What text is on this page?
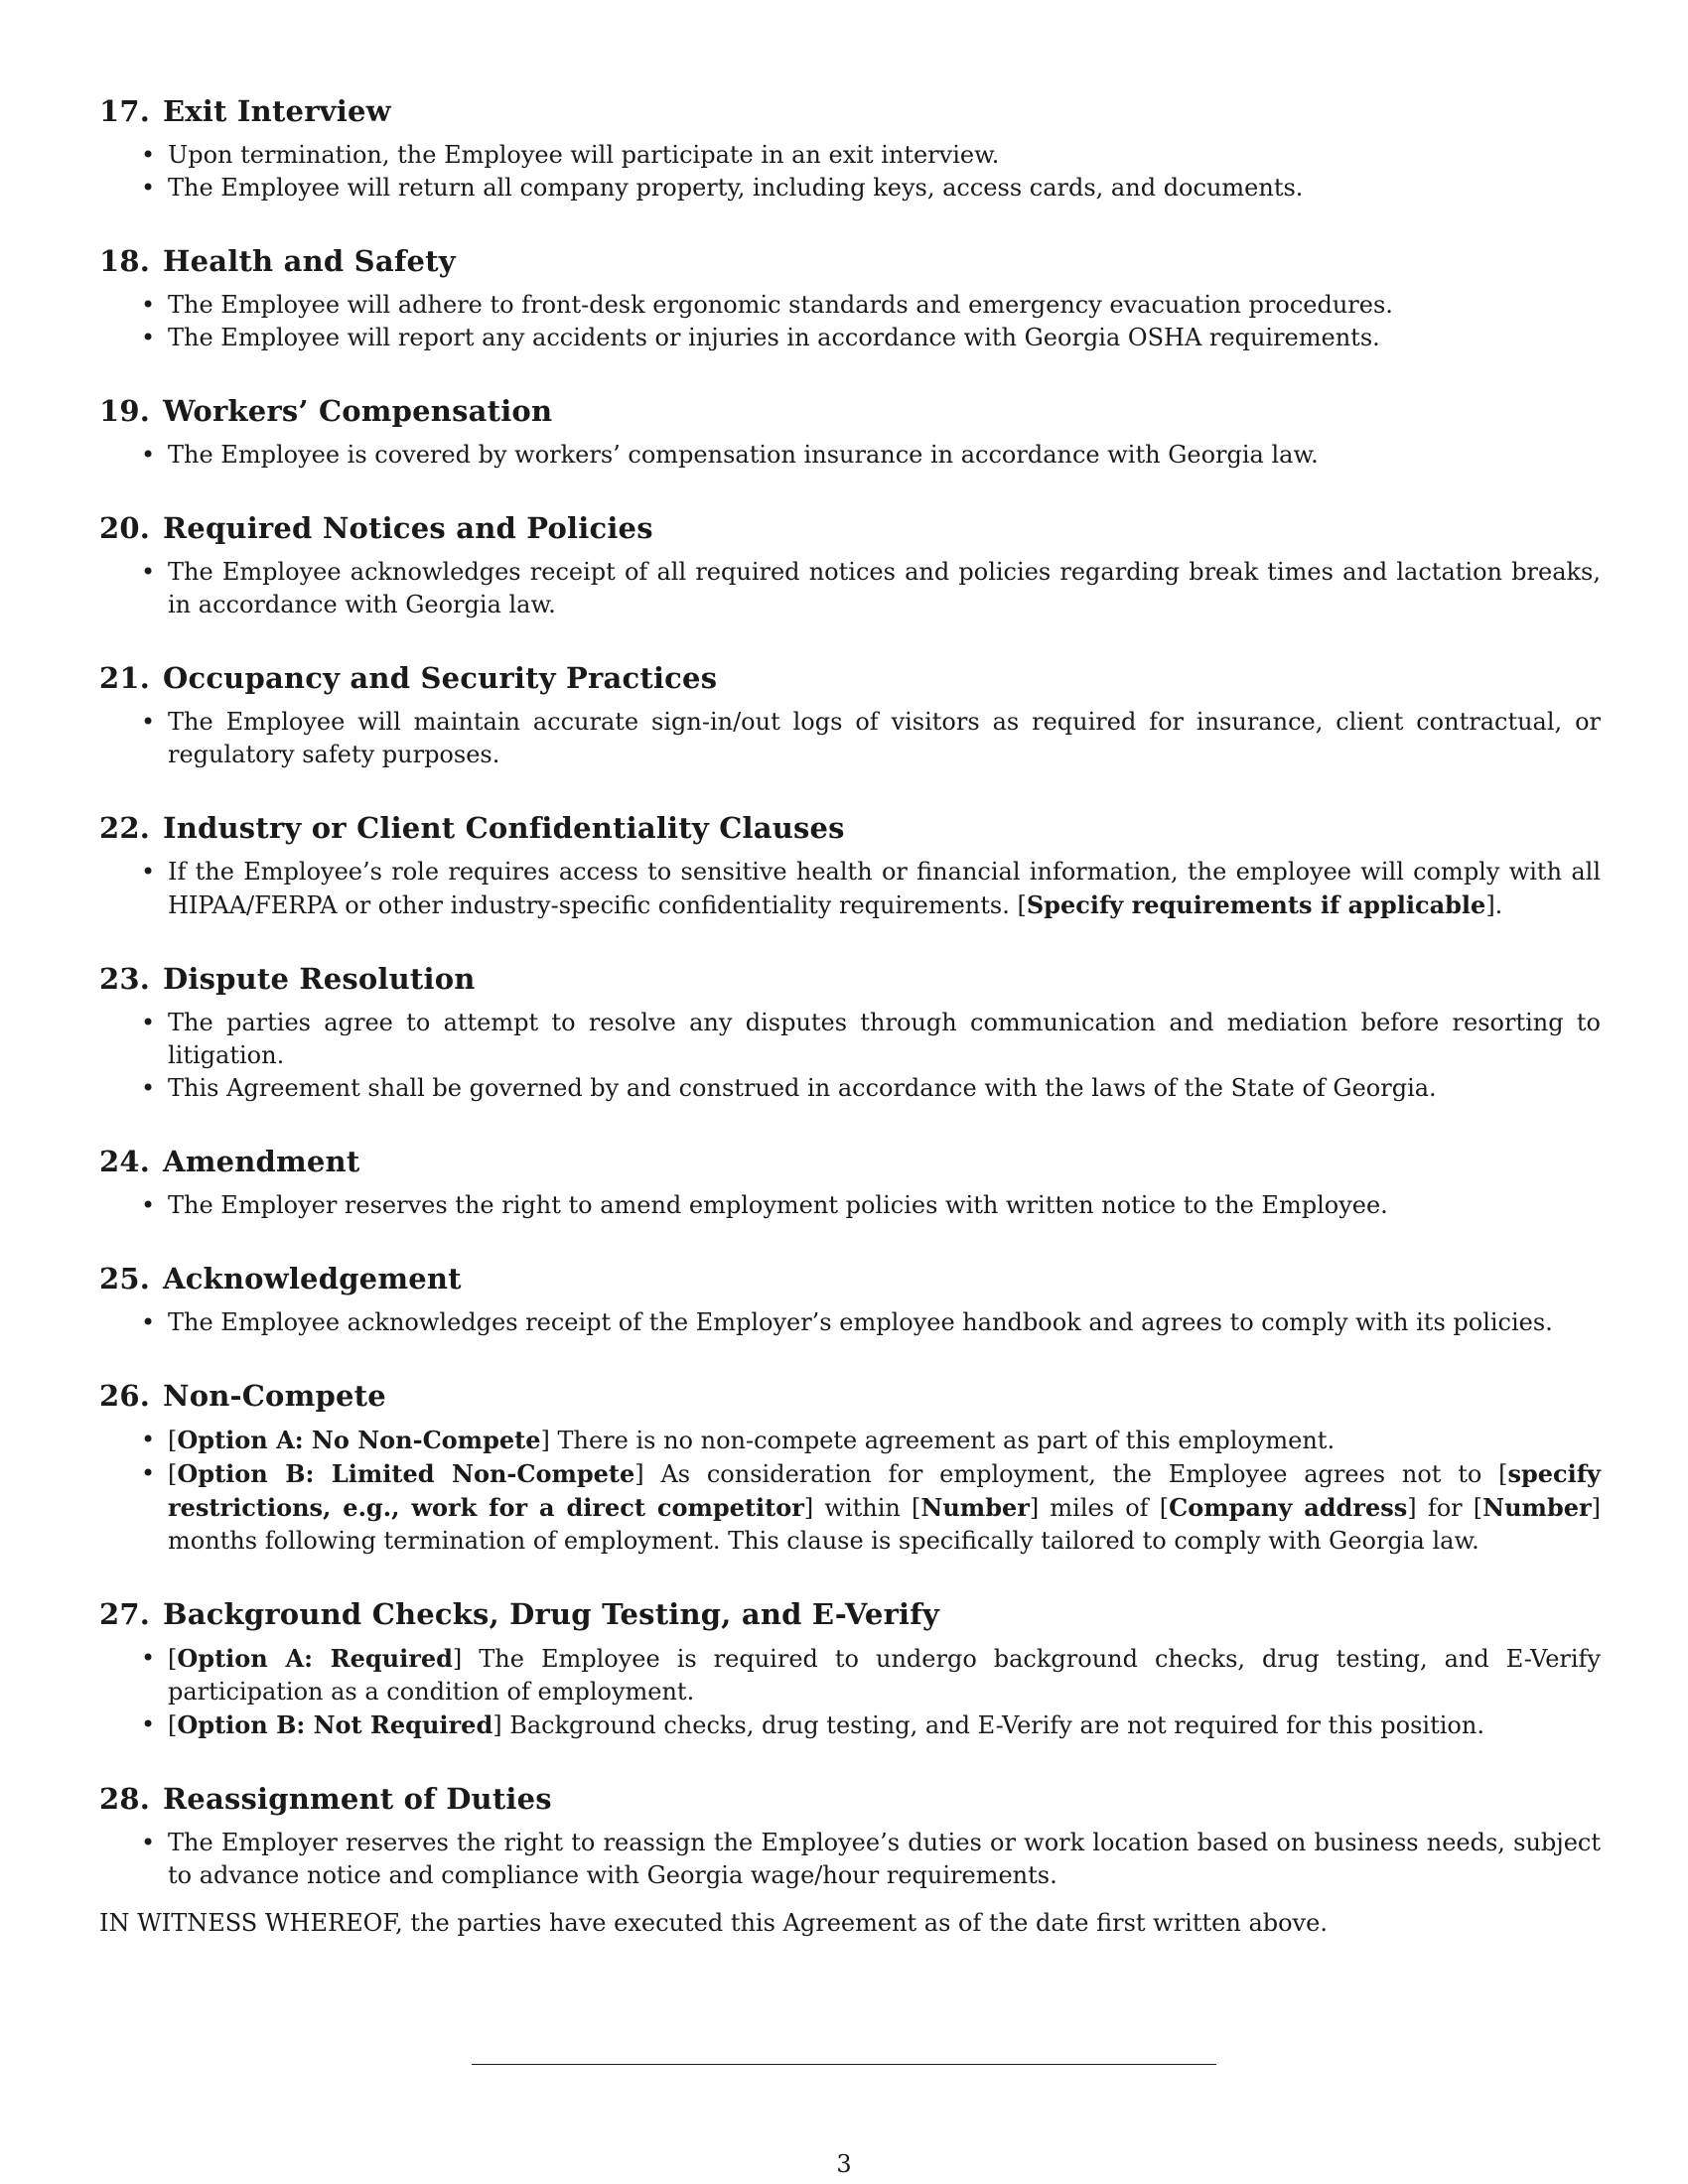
17. Exit Interview
• Upon termination, the Employee will participate in an exit interview.
• The Employee will return all company property, including keys, access cards, and documents.
18. Health and Safety
• The Employee will adhere to front-desk ergonomic standards and emergency evacuation procedures.
• The Employee will report any accidents or injuries in accordance with Georgia OSHA requirements.
19. Workers’ Compensation
• The Employee is covered by workers’ compensation insurance in accordance with Georgia law.
20. Required Notices and Policies
• The Employee acknowledges receipt of all required notices and policies regarding break times and lactation breaks, in accordance with Georgia law.
21. Occupancy and Security Practices
• The Employee will maintain accurate sign-in/out logs of visitors as required for insurance, client contractual, or regulatory safety purposes.
22. Industry or Client Confidentiality Clauses
• If the Employee’s role requires access to sensitive health or financial information, the employee will comply with all HIPAA/FERPA or other industry-specific confidentiality requirements. [Specify requirements if applicable].
23. Dispute Resolution
• The parties agree to attempt to resolve any disputes through communication and mediation before resorting to litigation.
• This Agreement shall be governed by and construed in accordance with the laws of the State of Georgia.
24. Amendment
• The Employer reserves the right to amend employment policies with written notice to the Employee.
25. Acknowledgement
• The Employee acknowledges receipt of the Employer’s employee handbook and agrees to comply with its policies.
26. Non-Compete
• [Option A: No Non-Compete] There is no non-compete agreement as part of this employment.
• [Option B: Limited Non-Compete] As consideration for employment, the Employee agrees not to [specify restrictions, e.g., work for a direct competitor] within [Number] miles of [Company address] for [Number] months following termination of employment. This clause is specifically tailored to comply with Georgia law.
27. Background Checks, Drug Testing, and E-Verify
• [Option A: Required] The Employee is required to undergo background checks, drug testing, and E-Verify participation as a condition of employment.
• [Option B: Not Required] Background checks, drug testing, and E-Verify are not required for this position.
28. Reassignment of Duties
• The Employer reserves the right to reassign the Employee’s duties or work location based on business needs, subject to advance notice and compliance with Georgia wage/hour requirements.

IN WITNESS WHEREOF, the parties have executed this Agreement as of the date first written above.

3
